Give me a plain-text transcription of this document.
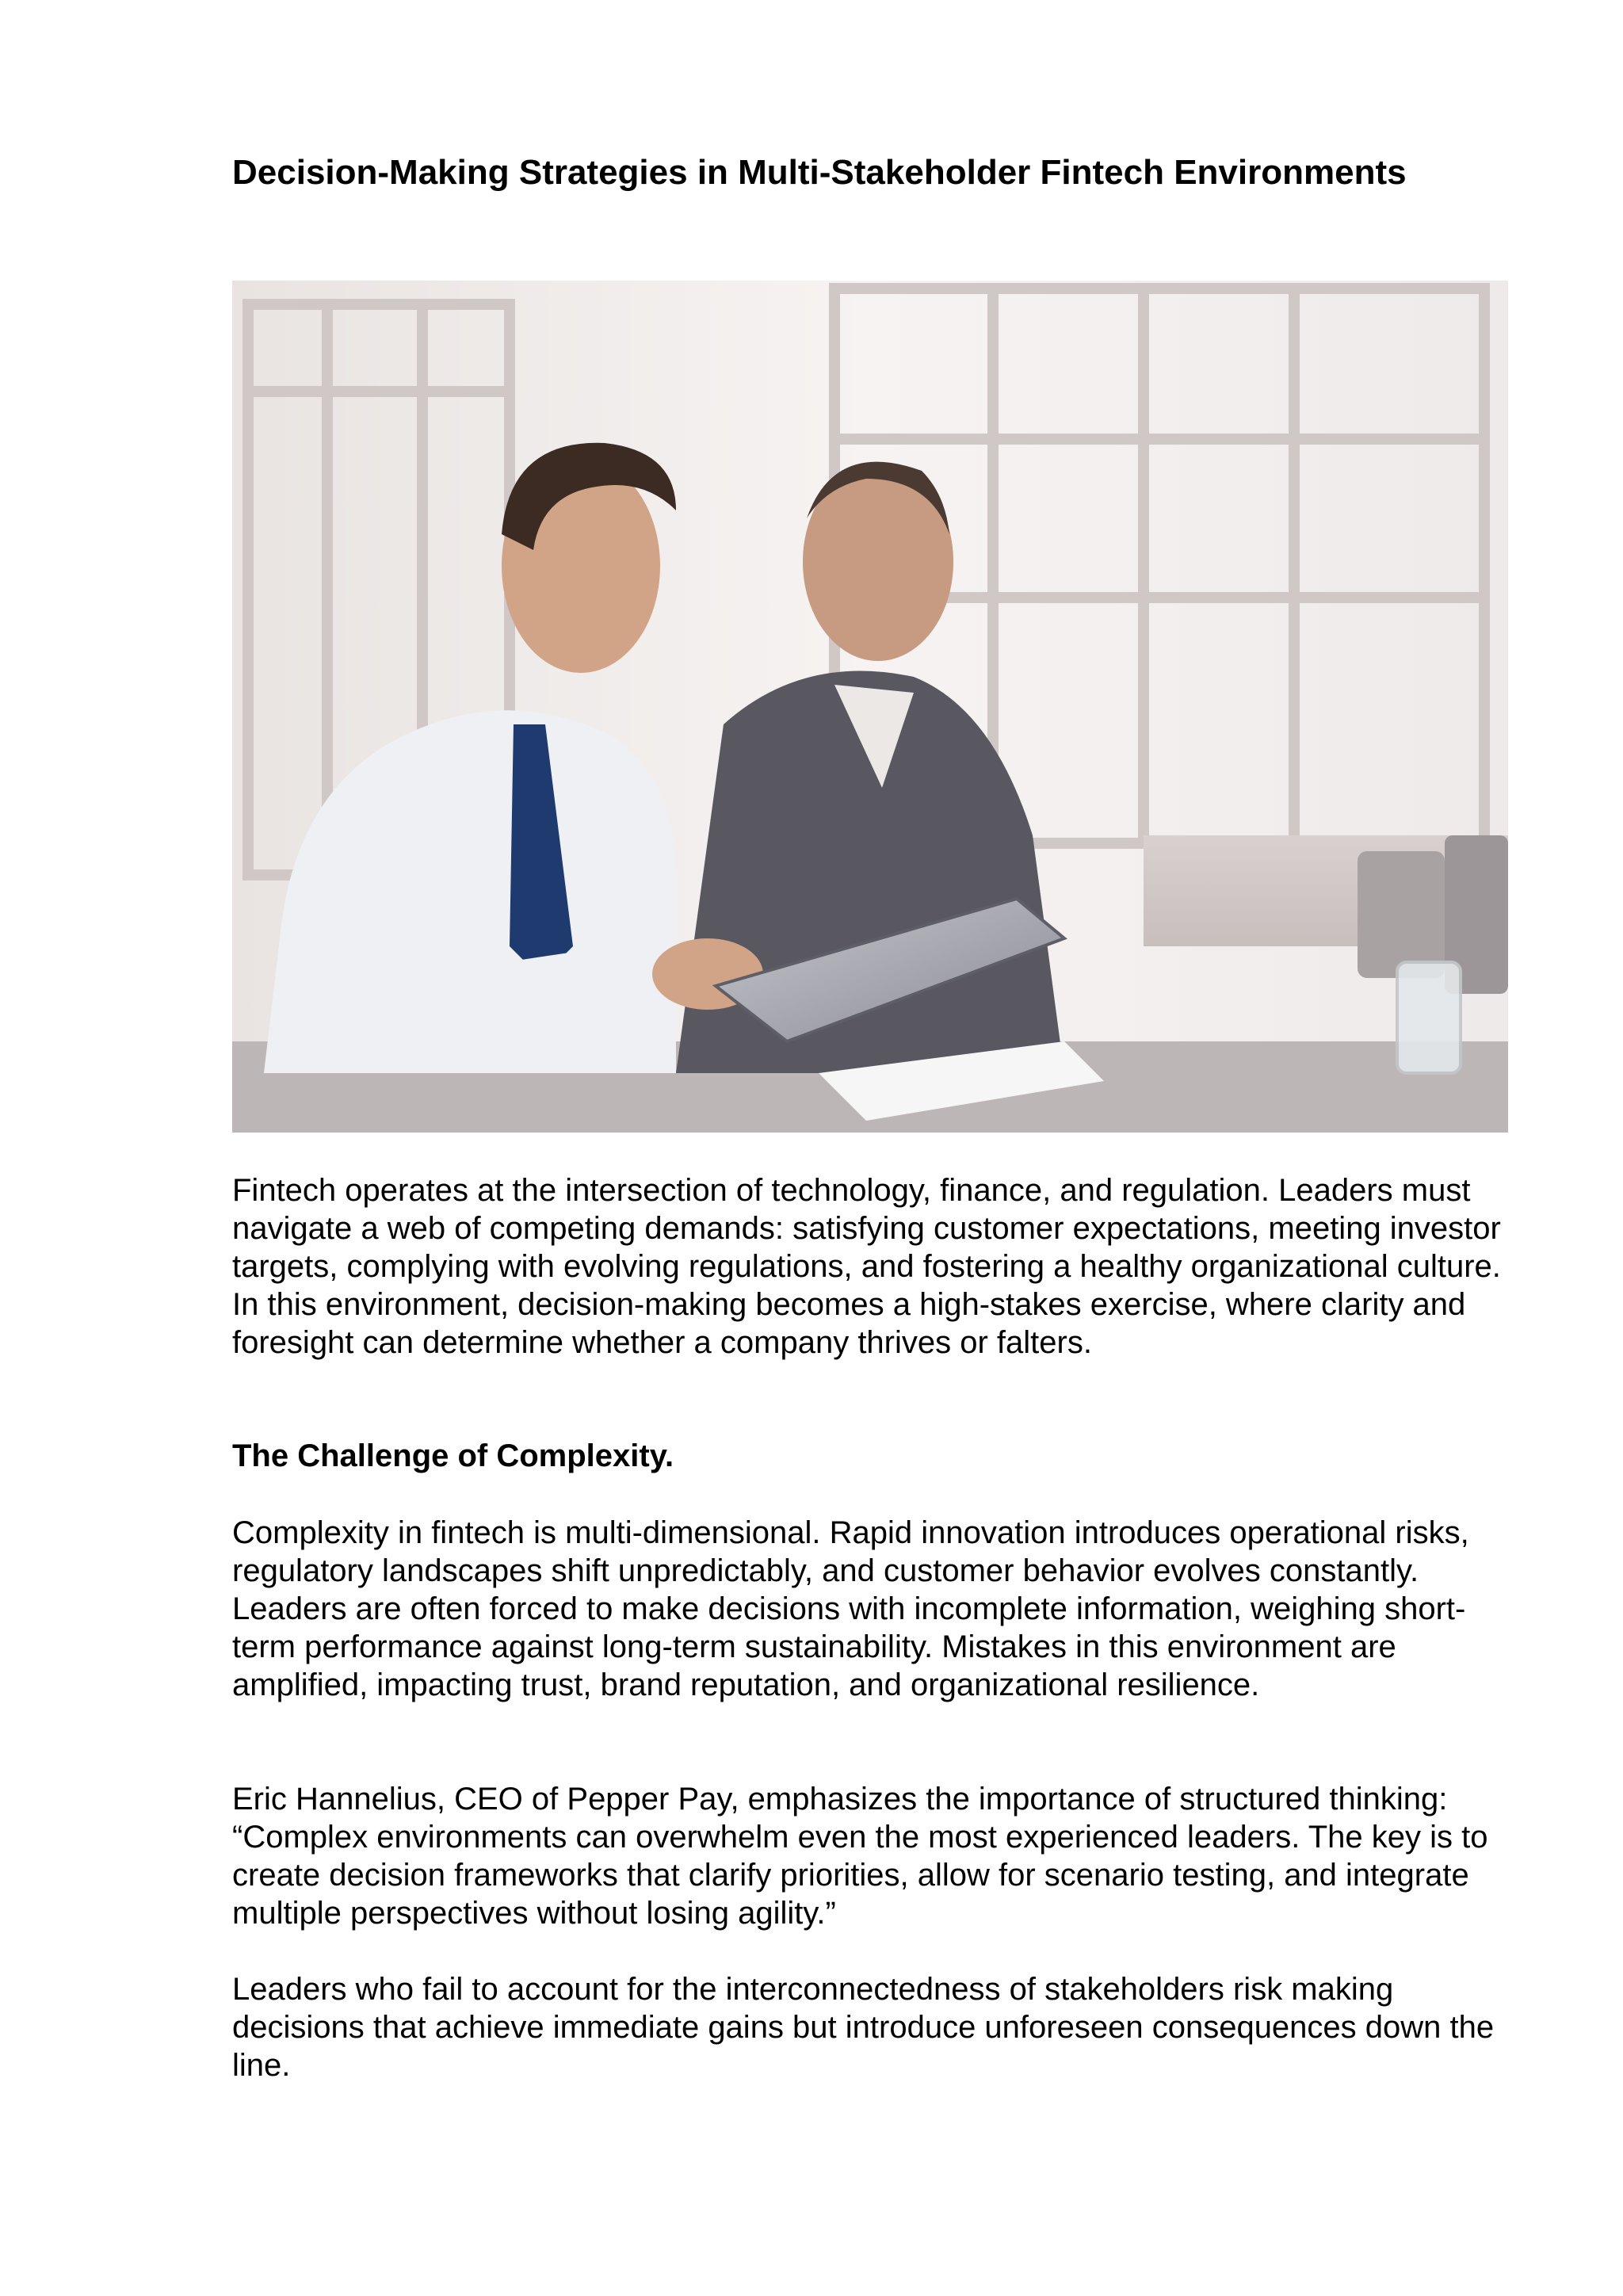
Decision-Making Strategies in Multi-Stakeholder Fintech Environments

Fintech operates at the intersection of technology, finance, and regulation. Leaders must navigate a web of competing demands: satisfying customer expectations, meeting investor targets, complying with evolving regulations, and fostering a healthy organizational culture. In this environment, decision-making becomes a high-stakes exercise, where clarity and foresight can determine whether a company thrives or falters.

The Challenge of Complexity.

Complexity in fintech is multi-dimensional. Rapid innovation introduces operational risks, regulatory landscapes shift unpredictably, and customer behavior evolves constantly. Leaders are often forced to make decisions with incomplete information, weighing short-term performance against long-term sustainability. Mistakes in this environment are amplified, impacting trust, brand reputation, and organizational resilience.

Eric Hannelius, CEO of Pepper Pay, emphasizes the importance of structured thinking: “Complex environments can overwhelm even the most experienced leaders. The key is to create decision frameworks that clarify priorities, allow for scenario testing, and integrate multiple perspectives without losing agility.”

Leaders who fail to account for the interconnectedness of stakeholders risk making decisions that achieve immediate gains but introduce unforeseen consequences down the line.
